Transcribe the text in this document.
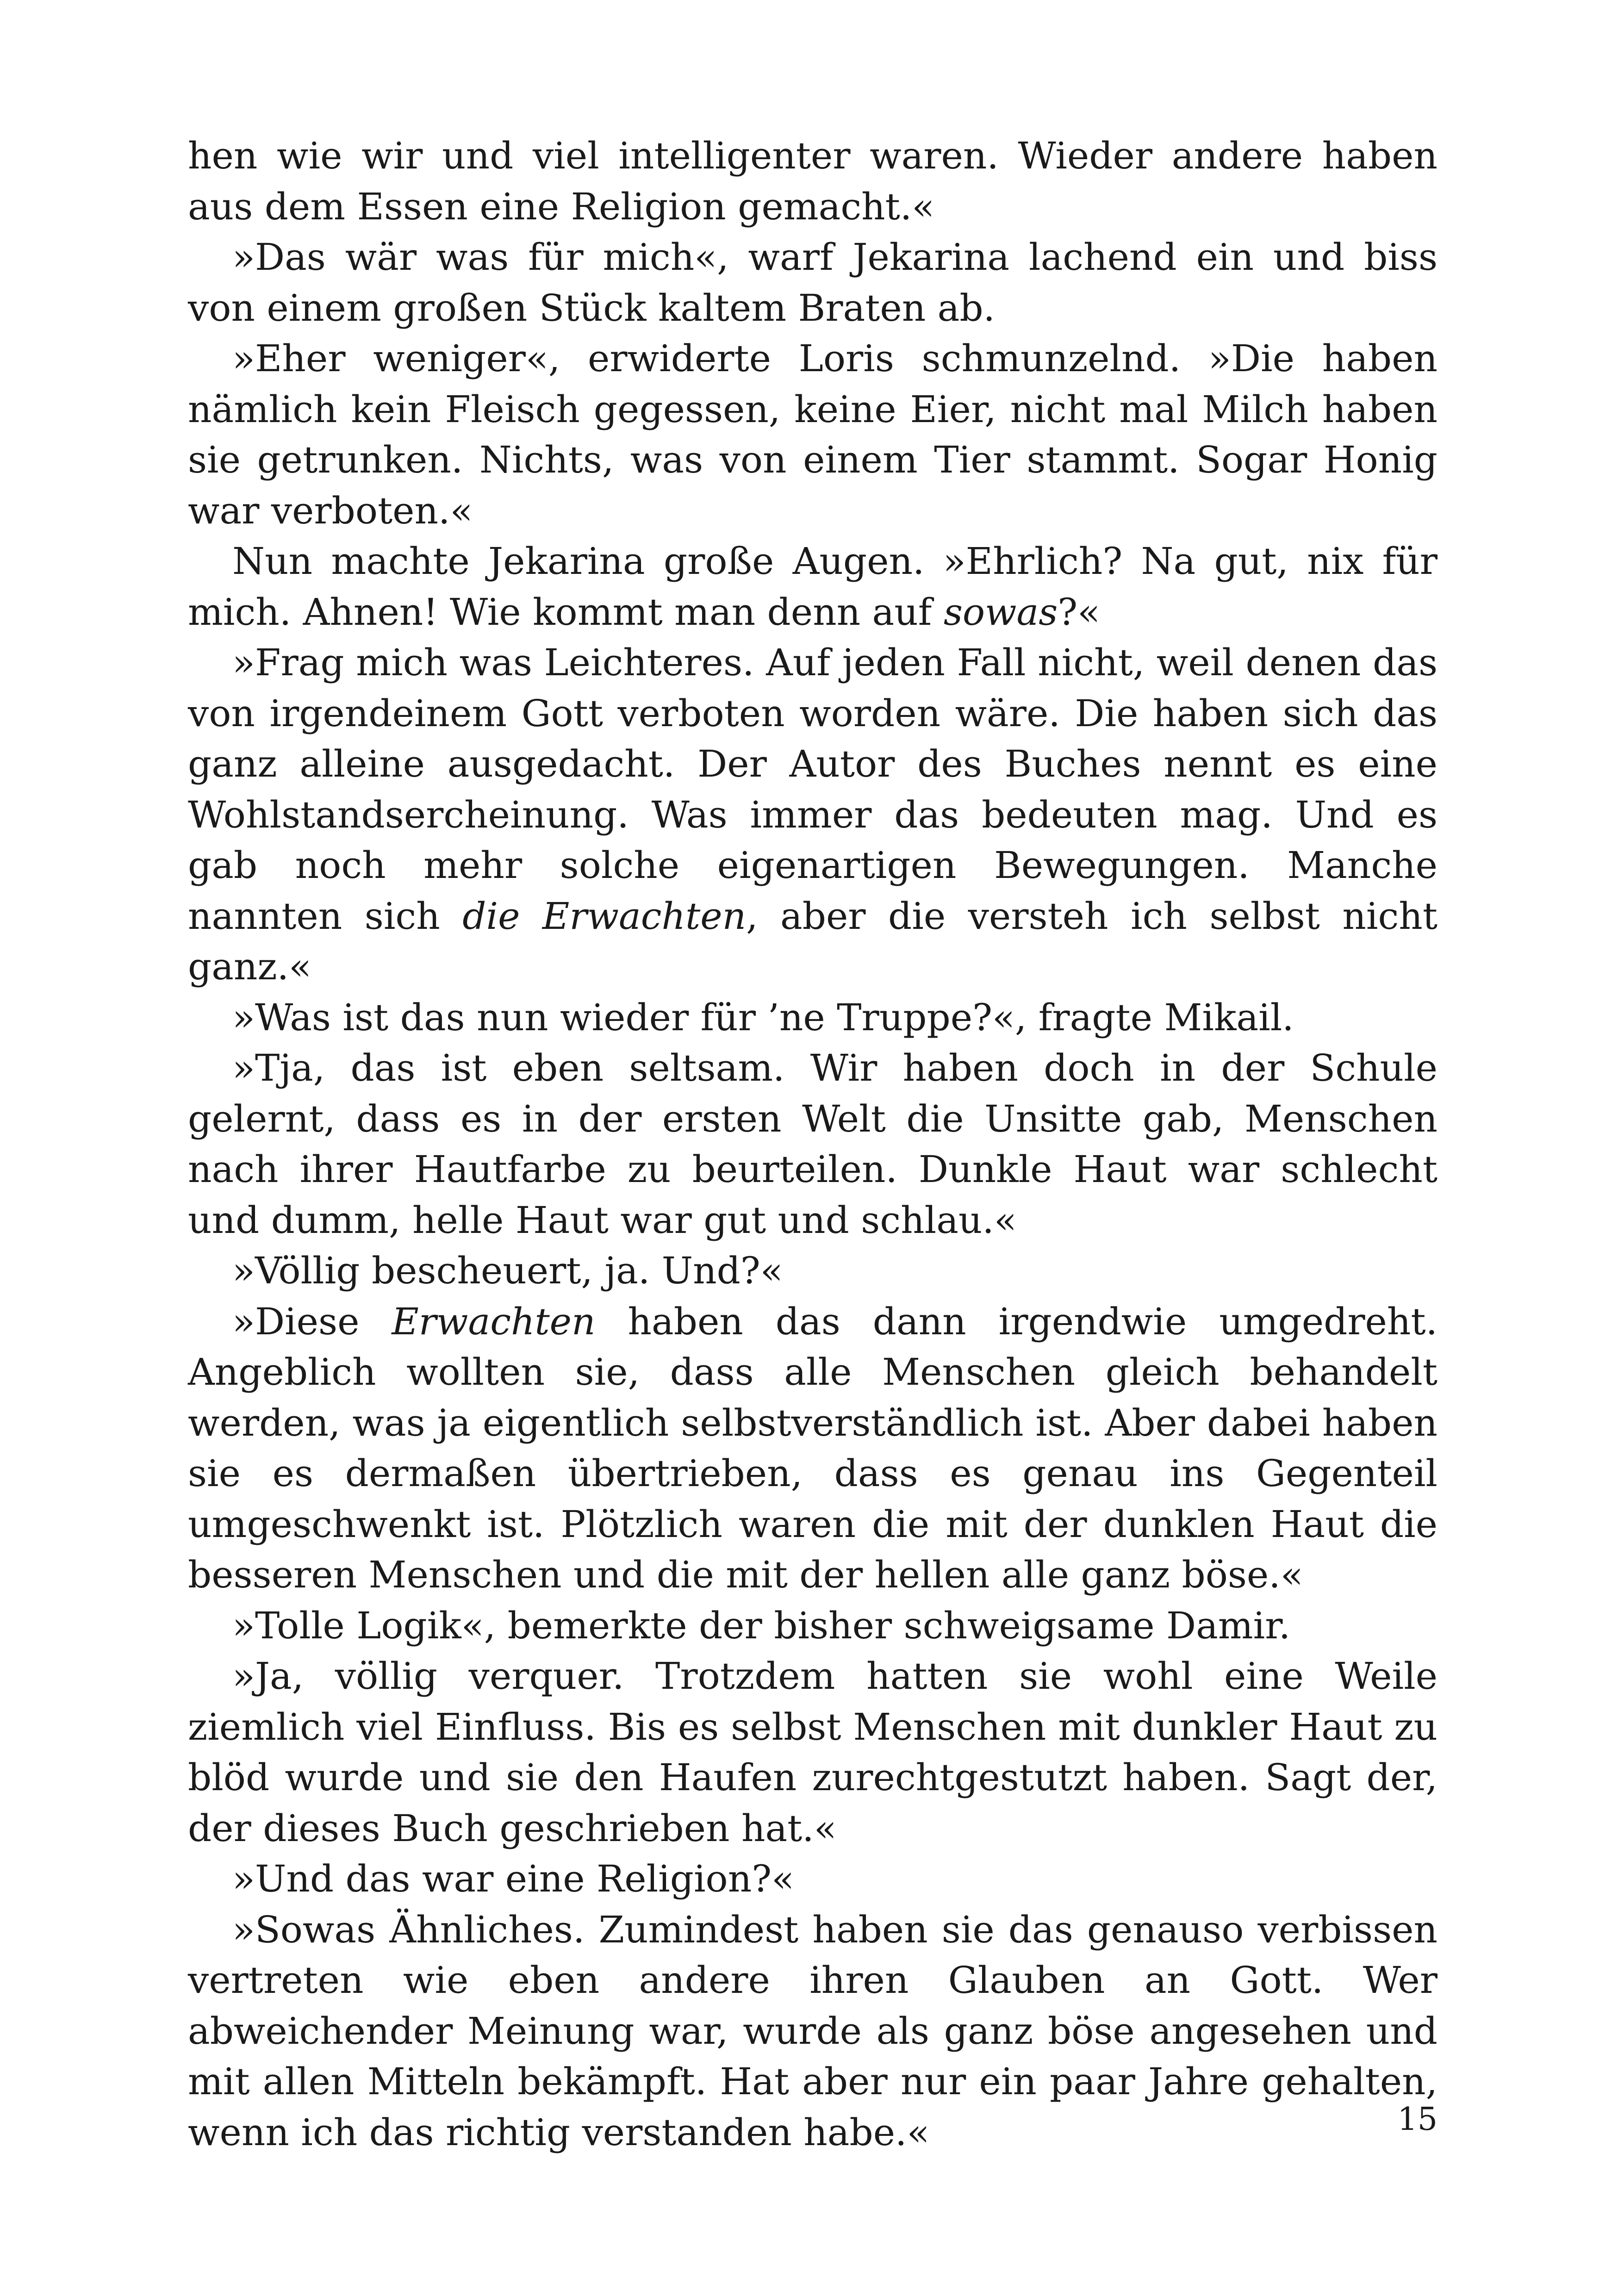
hen wie wir und viel intelligenter waren. Wieder andere haben aus dem Essen eine Religion gemacht.«

»Das wär was für mich«, warf Jekarina lachend ein und biss von einem großen Stück kaltem Braten ab.

»Eher weniger«, erwiderte Loris schmunzelnd. »Die haben nämlich kein Fleisch gegessen, keine Eier, nicht mal Milch haben sie getrunken. Nichts, was von einem Tier stammt. Sogar Honig war verboten.«

Nun machte Jekarina große Augen. »Ehrlich? Na gut, nix für mich. Ahnen! Wie kommt man denn auf sowas?«

»Frag mich was Leichteres. Auf jeden Fall nicht, weil denen das von irgendeinem Gott verboten worden wäre. Die haben sich das ganz alleine ausgedacht. Der Autor des Buches nennt es eine Wohlstandsercheinung. Was immer das bedeuten mag. Und es gab noch mehr solche eigenartigen Bewegungen. Manche nannten sich die Erwachten, aber die versteh ich selbst nicht ganz.«

»Was ist das nun wieder für ’ne Truppe?«, fragte Mikail.

»Tja, das ist eben seltsam. Wir haben doch in der Schule gelernt, dass es in der ersten Welt die Unsitte gab, Menschen nach ihrer Hautfarbe zu beurteilen. Dunkle Haut war schlecht und dumm, helle Haut war gut und schlau.«

»Völlig bescheuert, ja. Und?«

»Diese Erwachten haben das dann irgendwie umgedreht. Angeblich wollten sie, dass alle Menschen gleich behandelt werden, was ja eigentlich selbstverständlich ist. Aber dabei haben sie es dermaßen übertrieben, dass es genau ins Gegenteil umgeschwenkt ist. Plötzlich waren die mit der dunklen Haut die besseren Menschen und die mit der hellen alle ganz böse.«

»Tolle Logik«, bemerkte der bisher schweigsame Damir.

»Ja, völlig verquer. Trotzdem hatten sie wohl eine Weile ziemlich viel Einfluss. Bis es selbst Menschen mit dunkler Haut zu blöd wurde und sie den Haufen zurechtgestutzt haben. Sagt der, der dieses Buch geschrieben hat.«

»Und das war eine Religion?«

»Sowas Ähnliches. Zumindest haben sie das genauso verbissen vertreten wie eben andere ihren Glauben an Gott. Wer abweichender Meinung war, wurde als ganz böse angesehen und mit allen Mitteln bekämpft. Hat aber nur ein paar Jahre gehalten, wenn ich das richtig verstanden habe.«	15
